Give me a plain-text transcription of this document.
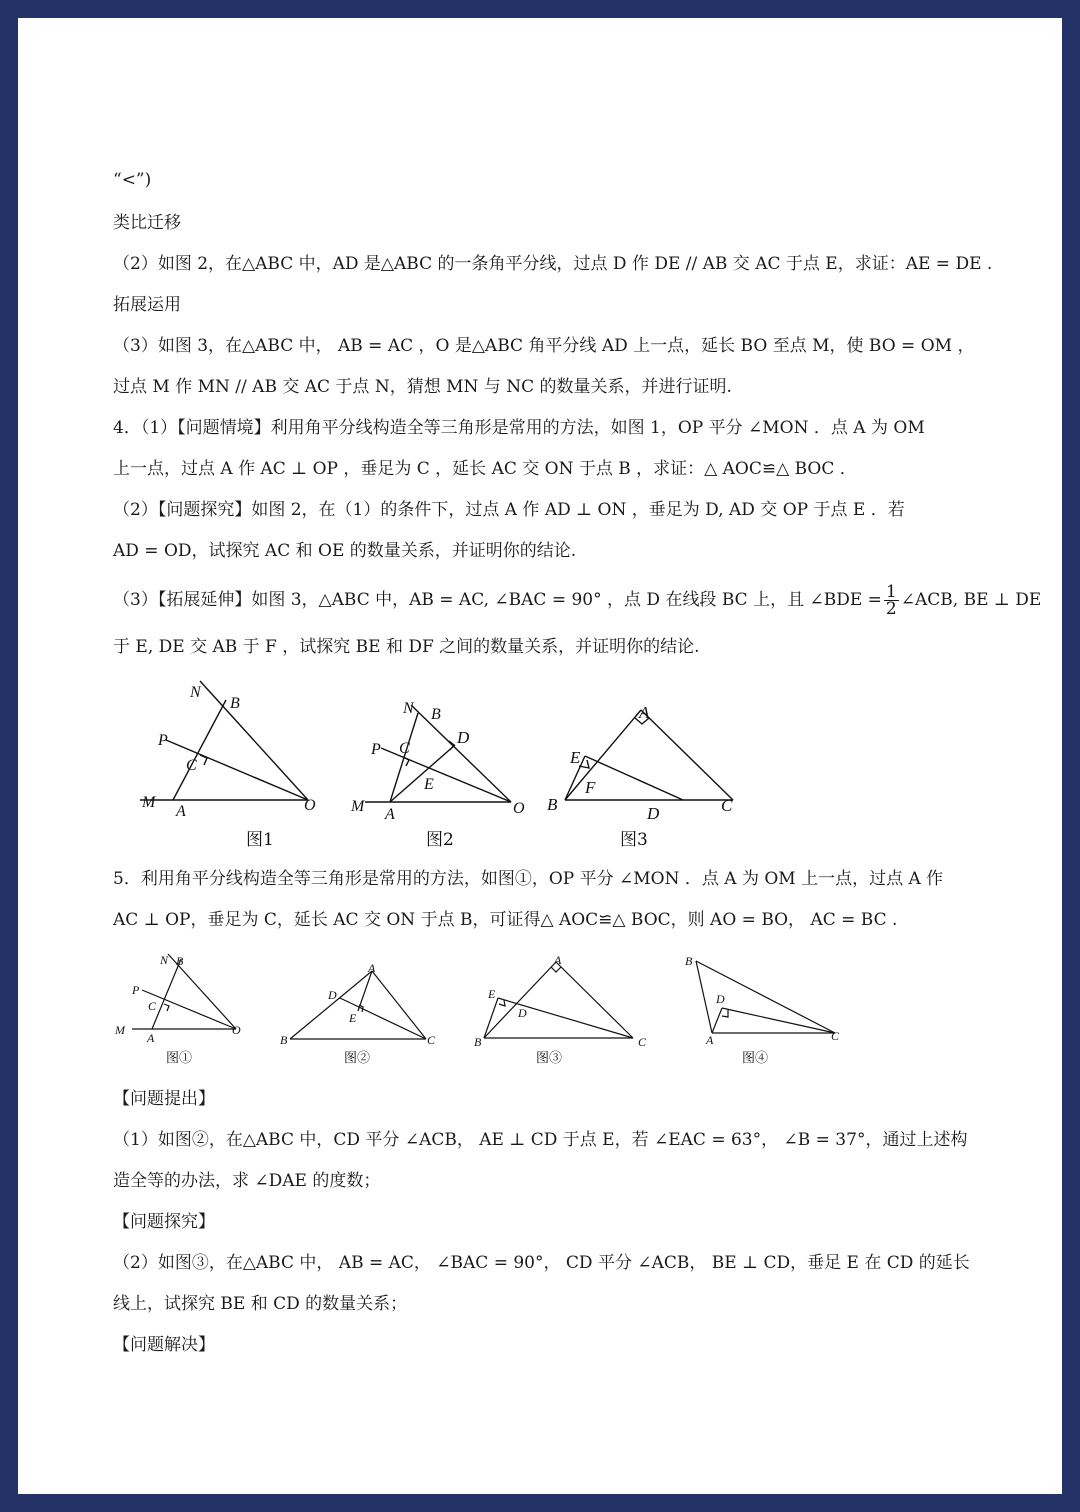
“<”)
类比迁移
（2）如图 2，在△ABC 中，AD 是△ABC 的一条角平分线，过点 D 作 DE // AB 交 AC 于点 E，求证：AE = DE .
拓展运用
（3）如图 3，在△ABC 中， AB = AC ，O 是△ABC 角平分线 AD 上一点，延长 BO 至点 M，使 BO = OM ，
过点 M 作 MN // AB 交 AC 于点 N，猜想 MN 与 NC 的数量关系，并进行证明.
4．（1）【问题情境】利用角平分线构造全等三角形是常用的方法，如图 1，OP 平分 ∠MON ．点 A 为 OM
上一点，过点 A 作 AC ⊥ OP ，垂足为 C ，延长 AC 交 ON 于点 B ，求证：△ AOC≌△ BOC ．
（2）【问题探究】如图 2，在（1）的条件下，过点 A 作 AD ⊥ ON ，垂足为 D, AD 交 OP 于点 E ．若
AD = OD，试探究 AC 和 OE 的数量关系，并证明你的结论.
（3）【拓展延伸】如图 3，△ABC 中，AB = AC, ∠BAC = 90° ，点 D 在线段 BC 上，且 ∠BDE = $\frac{1}{2}$ ∠ACB, BE ⊥ DE
于 E, DE 交 AB 于 F ，试探究 BE 和 DF 之间的数量关系，并证明你的结论.
N
B
P
C
M
A	O
图1
N B
D
P C
E
M A	O
图2
A
E
F
B	D	C
图3
5．利用角平分线构造全等三角形是常用的方法，如图①，OP 平分 ∠MON ．点 A 为 OM 上一点，过点 A 作
AC ⊥ OP，垂足为 C，延长 AC 交 ON 于点 B，可证得△ AOC≌△ BOC，则 AO = BO， AC = BC .
N B
P
C
M
A
O
图①
A
D
E
B	C
图②
A
E
D
B	C
图③
B
D
A	C
图④
【问题提出】
（1）如图②，在△ABC 中，CD 平分 ∠ACB， AE ⊥ CD 于点 E，若 ∠EAC = 63°， ∠B = 37°，通过上述构
造全等的办法，求 ∠DAE 的度数；
【问题探究】
（2）如图③，在△ABC 中， AB = AC， ∠BAC = 90°， CD 平分 ∠ACB， BE ⊥ CD，垂足 E 在 CD 的延长
线上，试探究 BE 和 CD 的数量关系；
【问题解决】
